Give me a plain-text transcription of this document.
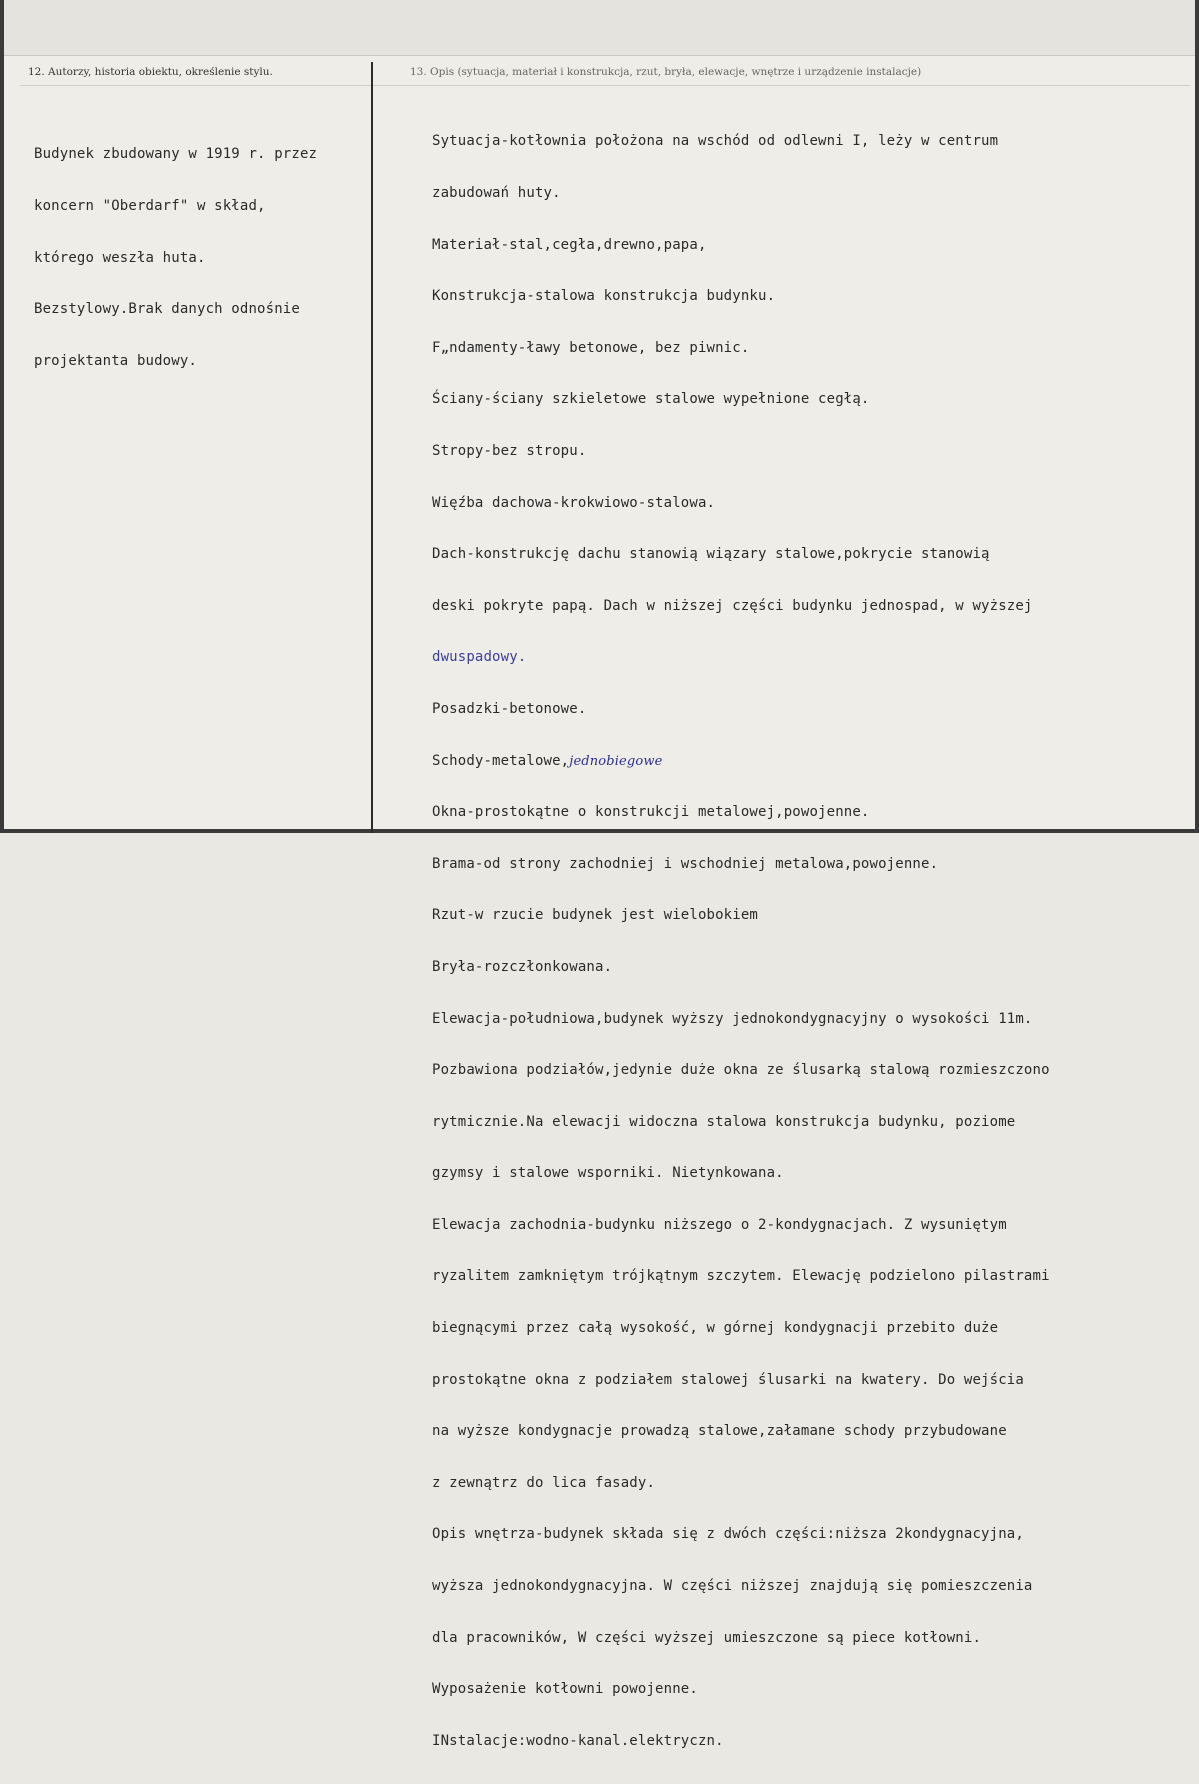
12. Autorzy, historia obiektu, określenie stylu.	13. Opis (sytuacja, materiał i konstrukcja, rzut, bryła, elewacje, wnętrze i urządzenie instalacje)

Budynek zbudowany w 1919 r. przez

koncern "Oberdarf" w skład,

którego weszła huta.

Bezstylowy.Brak danych odnośnie

projektanta budowy.

Sytuacja-kotłownia położona na wschód od odlewni I, leży w centrum

zabudowań huty.

Materiał-stal,cegła,drewno,papa,

Konstrukcja-stalowa konstrukcja budynku.

F„ndamenty-ławy betonowe, bez piwnic.

Ściany-ściany szkieletowe stalowe wypełnione cegłą.

Stropy-bez stropu.

Więźba dachowa-krokwiowo-stalowa.

Dach-konstrukcję dachu stanowią wiązary stalowe,pokrycie stanowią

deski pokryte papą. Dach w niższej części budynku jednospad, w wyższej

dwuspadowy.

Posadzki-betonowe.

Schody-metalowe,jednobiegowe

Okna-prostokątne o konstrukcji metalowej,powojenne.

Brama-od strony zachodniej i wschodniej metalowa,powojenne.

Rzut-w rzucie budynek jest wielobokiem

Bryła-rozczłonkowana.

Elewacja-południowa,budynek wyższy jednokondygnacyjny o wysokości 11m.

Pozbawiona podziałów,jedynie duże okna ze ślusarką stalową rozmieszczono

rytmicznie.Na elewacji widoczna stalowa konstrukcja budynku, poziome

gzymsy i stalowe wsporniki. Nietynkowana.

Elewacja zachodnia-budynku niższego o 2-kondygnacjach. Z wysuniętym

ryzalitem zamkniętym trójkątnym szczytem. Elewację podzielono pilastrami

biegnącymi przez całą wysokość, w górnej kondygnacji przebito duże

prostokątne okna z podziałem stalowej ślusarki na kwatery. Do wejścia

na wyższe kondygnacje prowadzą stalowe,załamane schody przybudowane

z zewnątrz do lica fasady.

Opis wnętrza-budynek składa się z dwóch części:niższa 2kondygnacyjna,

wyższa jednokondygnacyjna. W części niższej znajdują się pomieszczenia

dla pracowników, W części wyższej umieszczone są piece kotłowni.

Wyposażenie kotłowni powojenne.

INstalacje:wodno-kanal.elektryczn.
